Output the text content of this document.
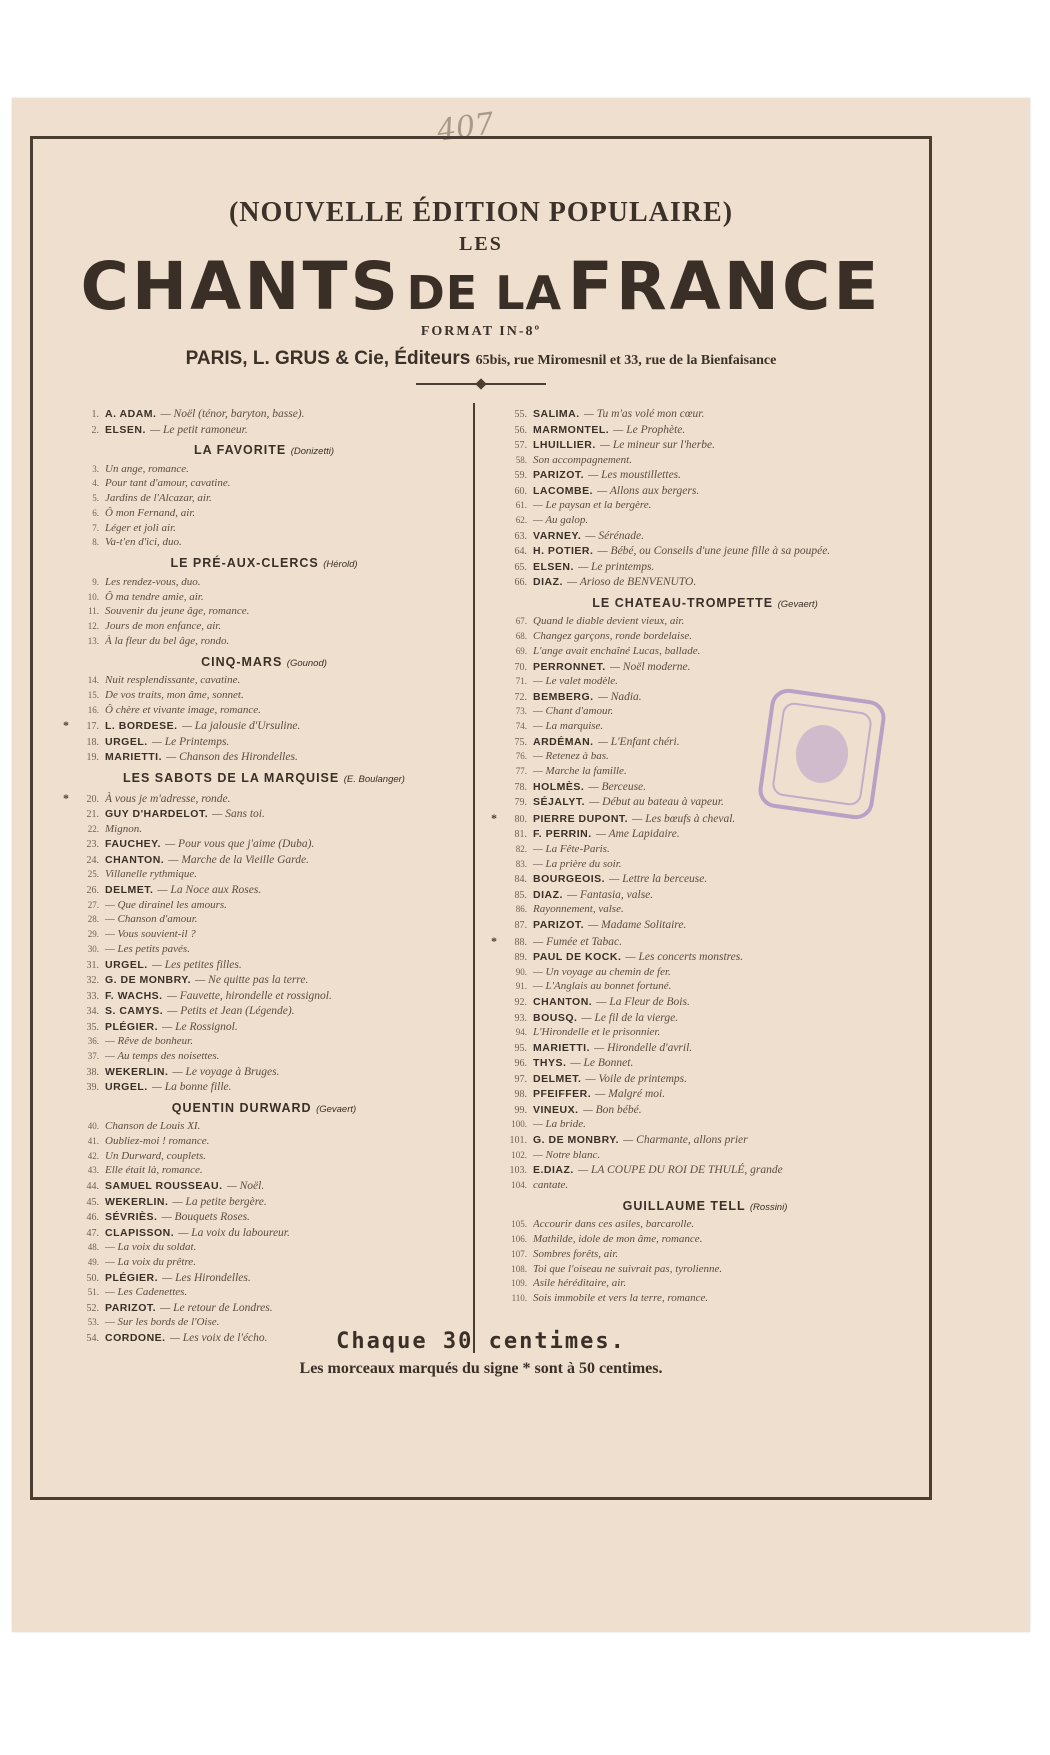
407
(NOUVELLE ÉDITION POPULAIRE)
LES
CHANTS DE LA FRANCE
FORMAT IN-8º
PARIS, L. GRUS & Cie, Éditeurs 65bis, rue Miromesnil et 33, rue de la Bienfaisance
1. A. ADAM. — Noël (ténor, baryton, basse).
2. ELSEN. — Le petit ramoneur.
LA FAVORITE (Donizetti)
3. Un ange, romance.
4. Pour tant d'amour, cavatine.
5. Jardins de l'Alcazar, air.
6. Ô mon Fernand, air.
7. Léger et joli air.
8. Va-t'en d'ici, duo.
LE PRÉ-AUX-CLERCS (Hérold)
9. Les rendez-vous, duo.
10. Ô ma tendre amie, air.
11. Souvenir du jeune âge, romance.
12. Jours de mon enfance, air.
13. À la fleur du bel âge, rondo.
CINQ-MARS (Gounod)
14. Nuit resplendissante, cavatine.
15. De vos traits, mon âme, sonnet.
16. Ô chère et vivante image, romance.
*	17. L. BORDESE. — La jalousie d'Ursuline.
18. URGEL. — Le Printemps.
19. MARIETTI. — Chanson des Hirondelles.
LES SABOTS DE LA MARQUISE (E. Boulanger)
*	20. À vous je m'adresse, ronde.
21. GUY D'HARDELOT. — Sans toi.
22. Mignon.
23. FAUCHEY. — Pour vous que j'aime (Duba).
24. CHANTON. — Marche de la Vieille Garde.
25. Villanelle rythmique.
26. DELMET. — La Noce aux Roses.
27. — Que dirainel les amours.
28. — Chanson d'amour.
29. — Vous souvient-il ?
30. — Les petits pavés.
31. URGEL. — Les petites filles.
32. G. DE MONBRY. — Ne quitte pas la terre.
33. F. WACHS. — Fauvette, hirondelle et rossignol.
34. S. CAMYS. — Petits et Jean (Légende).
35. PLÉGIER. — Le Rossignol.
36. — Rêve de bonheur.
37. — Au temps des noisettes.
38. WEKERLIN. — Le voyage à Bruges.
39. URGEL. — La bonne fille.
QUENTIN DURWARD (Gevaert)
40. Chanson de Louis XI.
41. Oubliez-moi ! romance.
42. Un Durward, couplets.
43. Elle était là, romance.
44. SAMUEL ROUSSEAU. — Noël.
45. WEKERLIN. — La petite bergère.
46. SÉVRIÈS. — Bouquets Roses.
47. CLAPISSON. — La voix du laboureur.
48. — La voix du soldat.
49. — La voix du prêtre.
50. PLÉGIER. — Les Hirondelles.
51. — Les Cadenettes.
52. PARIZOT. — Le retour de Londres.
53. — Sur les bords de l'Oise.
54. CORDONE. — Les voix de l'écho.
55. SALIMA. — Tu m'as volé mon cœur.
56. MARMONTEL. — Le Prophète.
57. LHUILLIER. — Le mineur sur l'herbe.
58. Son accompagnement.
59. PARIZOT. — Les moustillettes.
60. LACOMBE. — Allons aux bergers.
61. — Le paysan et la bergère.
62. — Au galop.
63. VARNEY. — Sérénade.
64. H. POTIER. — Bébé, ou Conseils d'une jeune fille à sa poupée.
65. ELSEN. — Le printemps.
66. DIAZ. — Arioso de BENVENUTO.
LE CHATEAU-TROMPETTE (Gevaert)
67. Quand le diable devient vieux, air.
68. Changez garçons, ronde bordelaise.
69. L'ange avait enchaîné Lucas, ballade.
70. PERRONNET. — Noël moderne.
71. — Le valet modèle.
72. BEMBERG. — Nadia.
73. — Chant d'amour.
74. — La marquise.
75. ARDÉMAN. — L'Enfant chéri.
76. — Retenez à bas.
77. — Marche la famille.
78. HOLMÈS. — Berceuse.
79. SÉJALYT. — Début au bateau à vapeur.
*	80. PIERRE DUPONT. — Les bœufs à cheval.
81. F. PERRIN. — Ame Lapidaire.
82. — La Fête-Paris.
83. — La prière du soir.
84. BOURGEOIS. — Lettre la berceuse.
85. DIAZ. — Fantasia, valse.
86. Rayonnement, valse.
87. PARIZOT. — Madame Solitaire.
*	88. — Fumée et Tabac.
89. PAUL DE KOCK. — Les concerts monstres.
90. — Un voyage au chemin de fer.
91. — L'Anglais au bonnet fortuné.
92. CHANTON. — La Fleur de Bois.
93. BOUSQ. — Le fil de la vierge.
94. L'Hirondelle et le prisonnier.
95. MARIETTI. — Hirondelle d'avril.
96. THYS. — Le Bonnet.
97. DELMET. — Voile de printemps.
98. PFEIFFER. — Malgré moi.
99. VINEUX. — Bon bébé.
100. — La bride.
101. G. DE MONBRY. — Charmante, allons prier
102. — Notre blanc.
103. E.DIAZ. — LA COUPE DU ROI DE THULÉ, grande
104. cantate.
GUILLAUME TELL (Rossini)
105. Accourir dans ces asiles, barcarolle.
106. Mathilde, idole de mon âme, romance.
107. Sombres forêts, air.
108. Toi que l'oiseau ne suivrait pas, tyrolienne.
109. Asile héréditaire, air.
110. Sois immobile et vers la terre, romance.
Chaque 30 centimes.
Les morceaux marqués du signe * sont à 50 centimes.
